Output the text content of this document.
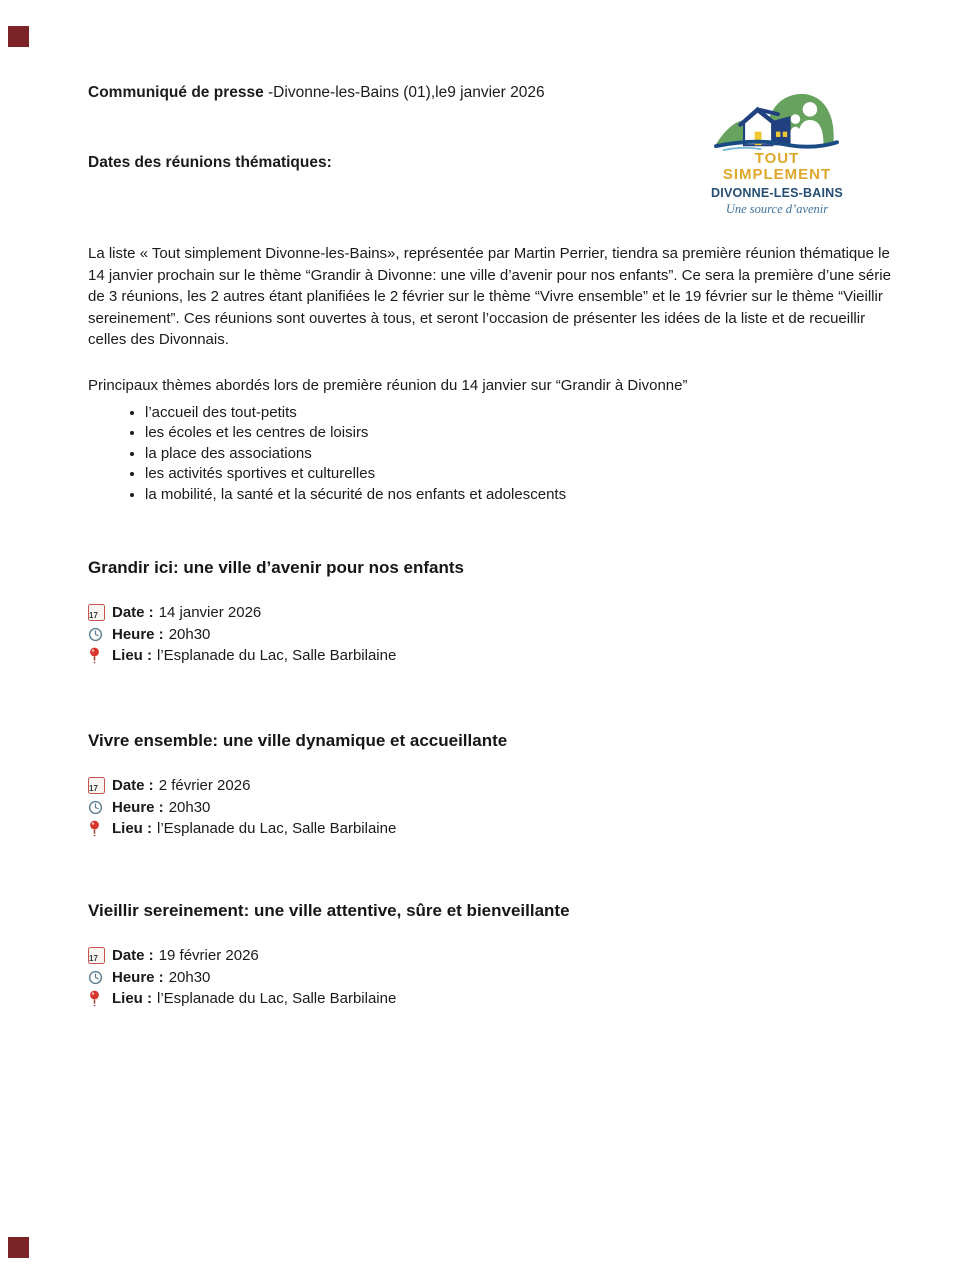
Communiqué de presse -Divonne-les-Bains (01),le9 janvier 2026
Dates des réunions thématiques:	TOUT
SIMPLEMENT
DIVONNE-LES-BAINS
Une source d’avenir
La liste « Tout simplement Divonne-les-Bains», représentée par Martin Perrier, tiendra sa première réunion thématique le 14 janvier prochain sur le thème “Grandir à Divonne: une ville d’avenir pour nos enfants”. Ce sera la première d’une série de 3 réunions, les 2 autres étant planifiées le 2 février sur le thème “Vivre ensemble” et le 19 février sur le thème “Vieillir sereinement”. Ces réunions sont ouvertes à tous, et seront l’occasion de présenter les idées de la liste et de recueillir celles des Divonnais.
Principaux thèmes abordés lors de première réunion du 14 janvier sur “Grandir à Divonne”
• l’accueil des tout-petits
• les écoles et les centres de loisirs
• la place des associations
• les activités sportives et culturelles
• la mobilité, la santé et la sécurité de nos enfants et adolescents
Grandir ici: une ville d’avenir pour nos enfants
17 Date : 14 janvier 2026
Heure : 20h30
Lieu : l’Esplanade du Lac, Salle Barbilaine
Vivre ensemble: une ville dynamique et accueillante
17 Date : 2 février 2026
Heure : 20h30
Lieu : l’Esplanade du Lac, Salle Barbilaine
Vieillir sereinement: une ville attentive, sûre et bienveillante
17 Date : 19 février 2026
Heure : 20h30
Lieu : l’Esplanade du Lac, Salle Barbilaine
